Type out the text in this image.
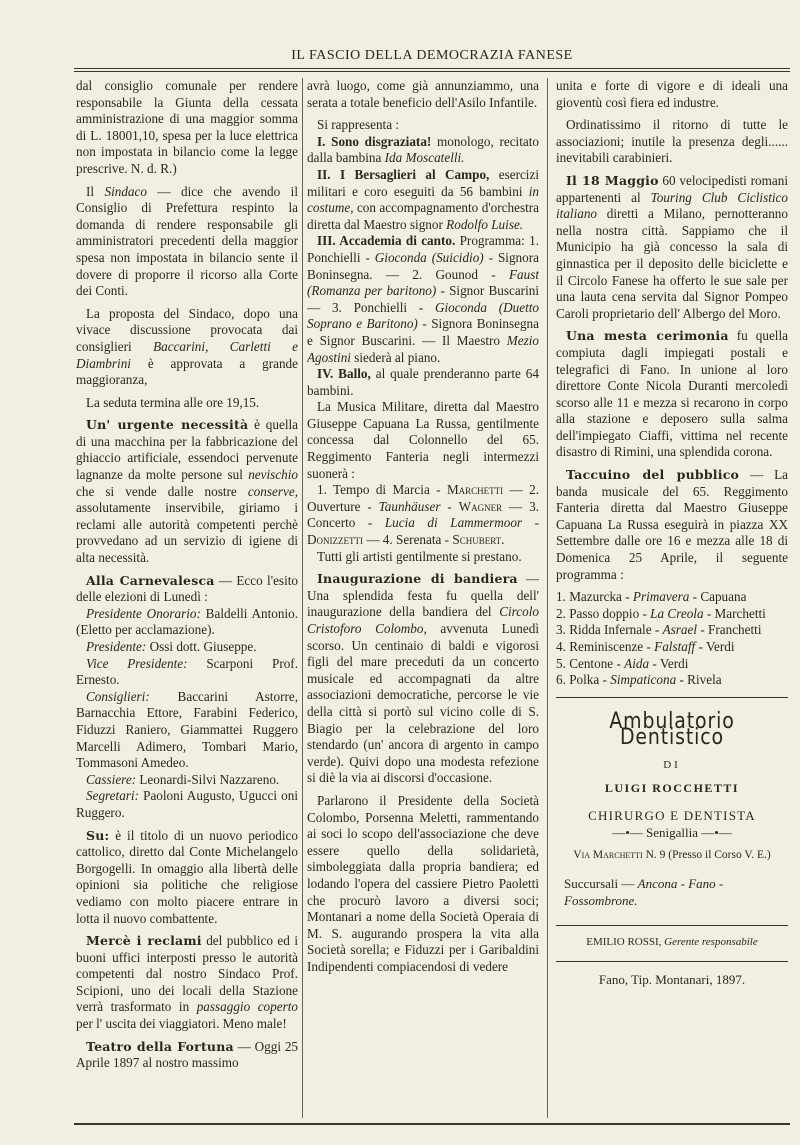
IL FASCIO DELLA DEMOCRAZIA FANESE

dal consiglio comunale per rendere responsabile la Giunta della cessata amministrazione di una maggior somma di L. 18001,10, spesa per la luce elettrica non impostata in bilancio come la legge prescrive. N. d. R.)

Il Sindaco — dice che avendo il Consiglio di Prefettura respinto la domanda di rendere responsabile gli amministratori precedenti della maggior spesa non impostata in bilancio sente il dovere di proporre il ricorso alla Corte dei Conti.

La proposta del Sindaco, dopo una vivace discussione provocata dai consiglieri Baccarini, Carletti e Diambrini è approvata a grande maggioranza,

La seduta termina alle ore 19,15.

Un' urgente necessità è quella di una macchina per la fabbricazione del ghiaccio artificiale, essendoci pervenute lagnanze da molte persone sul nevischio che si vende dalle nostre conserve, assolutamente inservibile, giriamo i reclami alle autorità competenti perchè provvedano ad un servizio di igiene di alta necessità.

Alla Carnevalesca — Ecco l'esito delle elezioni di Lunedì :

Presidente Onorario: Baldelli Antonio. (Eletto per acclamazione).

Presidente: Ossi dott. Giuseppe.

Vice Presidente: Scarponi Prof. Ernesto.

Consiglieri: Baccarini Astorre, Barnacchia Ettore, Farabini Federico, Fiduzzi Raniero, Giammattei Ruggero Marcelli Adimero, Tombari Mario, Tommasoni Amedeo.

Cassiere: Leonardi-Silvi Nazzareno.

Segretari: Paoloni Augusto, Ugucci oni Ruggero.

Su: è il titolo di un nuovo periodico cattolico, diretto dal Conte Michelangelo Borgogelli. In omaggio alla libertà delle opinioni sia politiche che religiose vediamo con molto piacere entrare in lotta il nuovo combattente.

Mercè i reclami del pubblico ed i buoni uffici interposti presso le autorità competenti dal nostro Sindaco Prof. Scipioni, uno dei locali della Stazione verrà trasformato in passaggio coperto per l' uscita dei viaggiatori. Meno male!

Teatro della Fortuna — Oggi 25 Aprile 1897 al nostro massimo

avrà luogo, come già annunziammo, una serata a totale beneficio dell'Asilo Infantile.

Si rappresenta :

I. Sono disgraziata! monologo, recitato dalla bambina Ida Moscatelli.

II. I Bersaglieri al Campo, esercizi militari e coro eseguiti da 56 bambini in costume, con accompagnamento d'orchestra diretta dal Maestro signor Rodolfo Luise.

III. Accademia di canto. Programma: 1. Ponchielli - Gioconda (Suicidio) - Signora Boninsegna. — 2. Gounod - Faust (Romanza per baritono) - Signor Buscarini — 3. Ponchielli - Gioconda (Duetto Soprano e Baritono) - Signora Boninsegna e Signor Buscarini. — Il Maestro Mezio Agostini siederà al piano.

IV. Ballo, al quale prenderanno parte 64 bambini.

La Musica Militare, diretta dal Maestro Giuseppe Capuana La Russa, gentilmente concessa dal Colonnello del 65. Reggimento Fanteria negli intermezzi suonerà :

1. Tempo di Marcia - Marchetti — 2. Ouverture - Taunhäuser - Wagner — 3. Concerto - Lucia di Lammermoor - Donizzetti — 4. Serenata - Schubert.

Tutti gli artisti gentilmente si prestano.

Inaugurazione di bandiera — Una splendida festa fu quella dell' inaugurazione della bandiera del Circolo Cristoforo Colombo, avvenuta Lunedì scorso. Un centinaio di baldi e vigorosi figli del mare preceduti da un concerto musicale ed accompagnati da altre associazioni democratiche, percorse le vie della città si portò sul vicino colle di S. Biagio per la celebrazione del loro stendardo (un' ancora di argento in campo verde). Quivi dopo una modesta refezione si diè la via ai discorsi d'occasione.

Parlarono il Presidente della Società Colombo, Porsenna Meletti, rammentando ai soci lo scopo dell'associazione che deve essere quello della solidarietà, simboleggiata dalla propria bandiera; ed lodando l'opera del cassiere Pietro Paoletti che procurò lavoro a diversi soci; Montanari a nome della Società Operaia di M. S. augurando prospera la vita alla Società sorella; e Fiduzzi per i Garibaldini Indipendenti compiacendosi di vedere

unita e forte di vigore e di ideali una gioventù così fiera ed industre.

Ordinatissimo il ritorno di tutte le associazioni; inutile la presenza degli...... inevitabili carabinieri.

Il 18 Maggio 60 velocipedisti romani appartenenti al Touring Club Ciclistico italiano diretti a Milano, pernotteranno nella nostra città. Sappiamo che il Municipio ha già concesso la sala di ginnastica per il deposito delle biciclette e il Circolo Fanese ha offerto le sue sale per una lauta cena servita dal Signor Pompeo Caroli proprietario dell' Albergo del Moro.

Una mesta cerimonia fu quella compiuta dagli impiegati postali e telegrafici di Fano. In unione al loro direttore Conte Nicola Duranti mercoledì scorso alle 11 e mezza si recarono in corpo alla stazione e deposero sulla salma dell'impiegato Ciaffi, vittima nel recente disastro di Rimini, una splendida corona.

Taccuino del pubblico — La banda musicale del 65. Reggimento Fanteria diretta dal Maestro Giuseppe Capuana La Russa eseguirà in piazza XX Settembre dalle ore 16 e mezza alle 18 di Domenica 25 Aprile, il seguente programma :

1. Mazurcka - Primavera - Capuana
2. Passo doppio - La Creola - Marchetti
3. Ridda Infernale - Asrael - Franchetti
4. Reminiscenze - Falstaff - Verdi
5. Centone - Aida - Verdi
6. Polka - Simpaticona - Rivela
Ambulatorio Dentistico
DI
LUIGI ROCCHETTI
CHIRURGO E DENTISTA
—•— Senigallia —•—
Via Marchetti N. 9 (Presso il Corso V. E.)
Succursali — Ancona - Fano - Fossombrone.
EMILIO ROSSI, Gerente responsabile
Fano, Tip. Montanari, 1897.
